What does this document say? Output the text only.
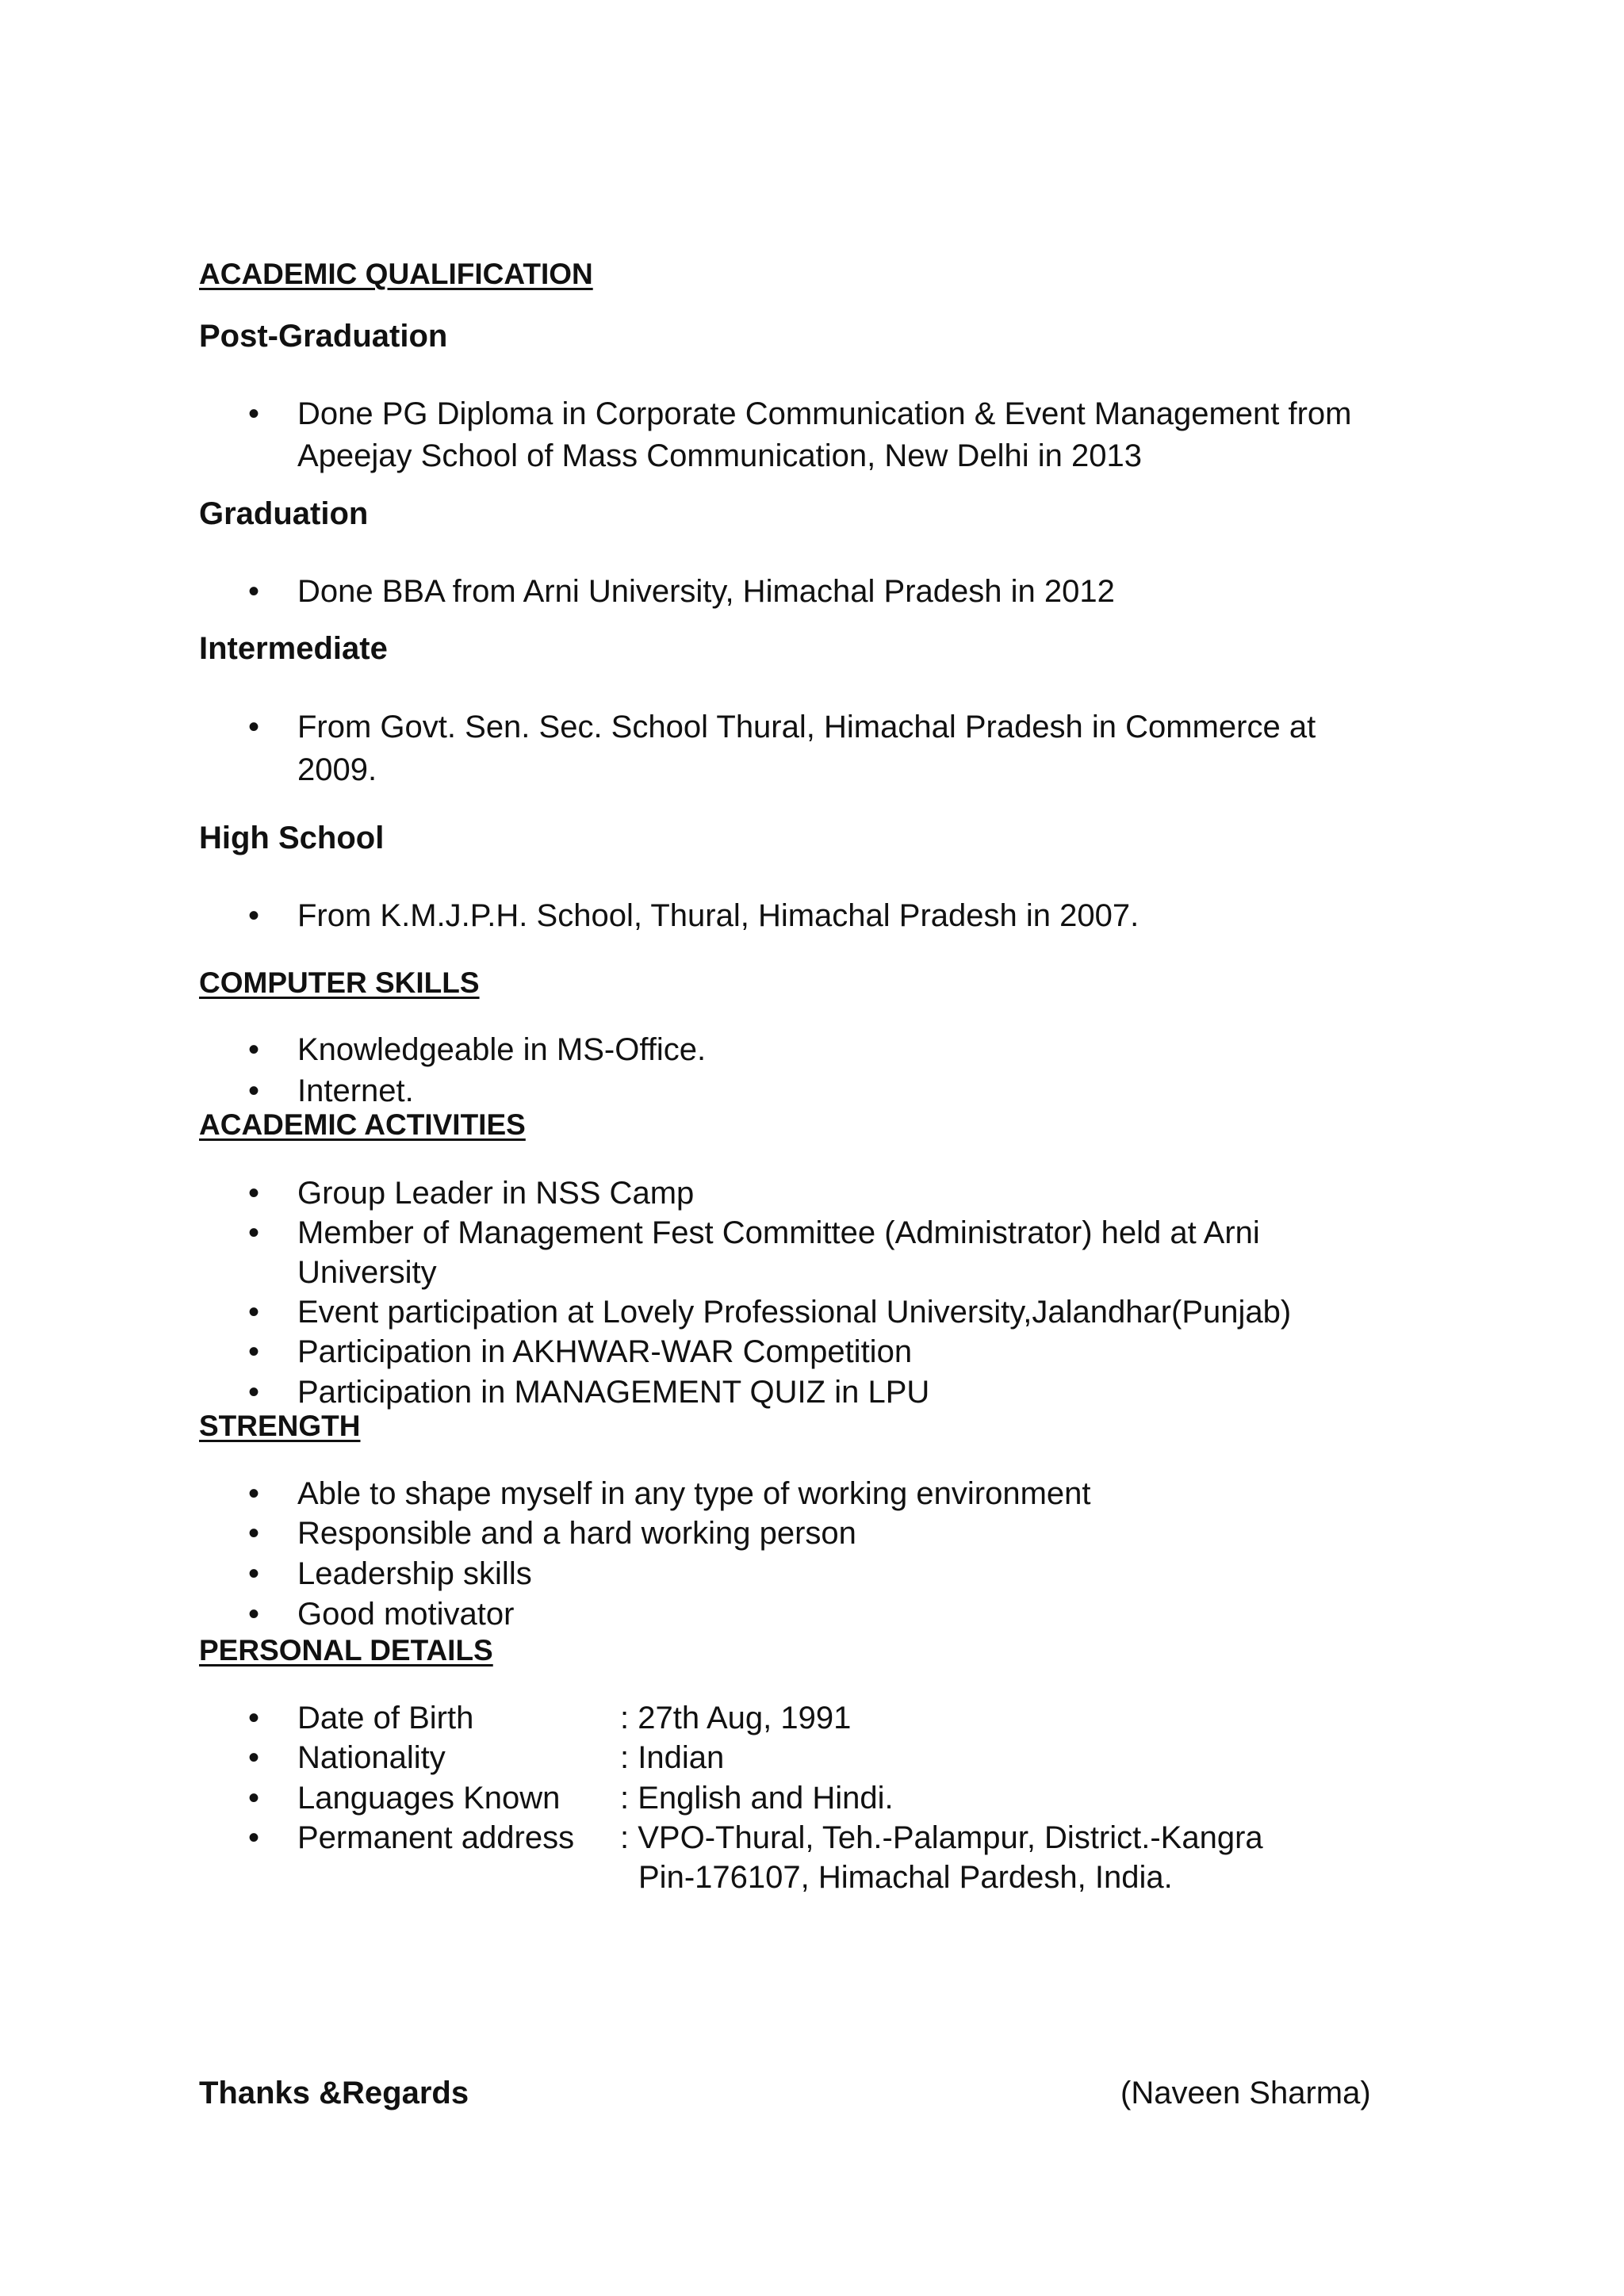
ACADEMIC QUALIFICATION
Post-Graduation
•
Done PG Diploma in Corporate Communication & Event Management from
Apeejay School of Mass Communication, New Delhi in 2013
Graduation
•
Done BBA from Arni University, Himachal Pradesh in 2012
Intermediate
•
From Govt. Sen. Sec. School Thural, Himachal Pradesh in Commerce at
2009.
High School
•
From K.M.J.P.H. School, Thural, Himachal Pradesh in 2007.
COMPUTER SKILLS
•
Knowledgeable in MS-Office.
•
Internet.
ACADEMIC ACTIVITIES
•
Group Leader in NSS Camp
•
Member of Management Fest Committee (Administrator) held at Arni
University
•
Event participation at Lovely Professional University,Jalandhar(Punjab)
•
Participation in AKHWAR-WAR Competition
•
Participation in MANAGEMENT QUIZ in LPU
STRENGTH
•
Able to shape myself in any type of working environment
•
Responsible and a hard working person
•
Leadership skills
•
Good motivator
PERSONAL DETAILS
•
Date of Birth	: 27th Aug, 1991
•
Nationality	: Indian
•
Languages Known : English and Hindi.
•
Permanent address : VPO-Thural, Teh.-Palampur, District.-Kangra
Pin-176107, Himachal Pardesh, India.
Thanks &Regards	(Naveen Sharma)
